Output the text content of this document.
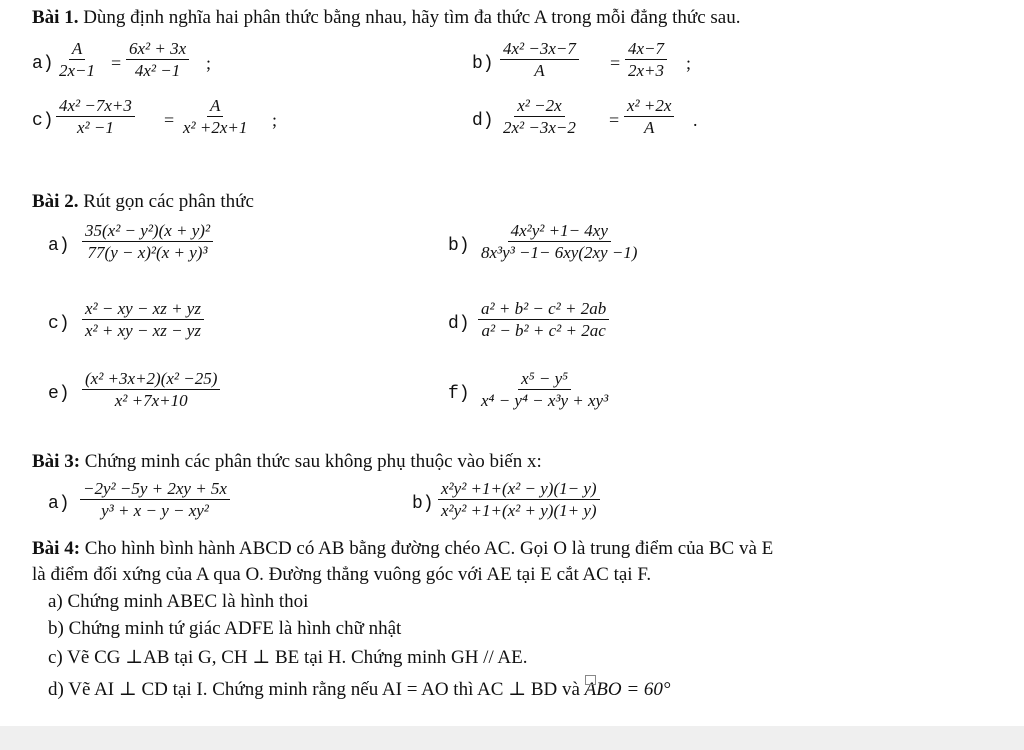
Bài 1. Dùng định nghĩa hai phân thức bằng nhau, hãy tìm đa thức A trong mỗi đẳng thức sau.
$a) \frac{A}{2x-1} = \frac{\text{6x² + 3x}}{\text{4x² −1}}$ ;	$b) \frac{\text{4x² −3x−7}}{A} = \frac{4x-7}{2x+3}$ ;
$c) \frac{\text{4x² −7x+3}}{\text{x² −1}} = \frac{A}{\text{x² +2x+1}}$ ;	$d) \frac{\text{x² −2x}}{\text{2x² −3x−2}} = \frac{\text{x² +2x}}{A}$ .
Bài 2. Rút gọn các phân thức
$a) \frac{\text{35(x² − y²)(x + y)²}}{\text{77(y − x)²(x + y)³}}$	$b) \frac{\text{4x²y² +1− 4xy}}{\text{8x³y³ −1− 6xy(2xy −1)}}$
$c) \frac{\text{x² − xy − xz + yz}}{\text{x² + xy − xz − yz}}$	$d) \frac{\text{a² + b² − c² + 2ab}}{\text{a² − b² + c² + 2ac}}$
$e) \frac{\text{(x² +3x+2)(x² −25)}}{\text{x² +7x+10}}$	$f) \frac{\text{x⁵ − y⁵}}{\text{x⁴ − y⁴ − x³y + xy³}}$
Bài 3: Chứng minh các phân thức sau không phụ thuộc vào biến x:
$a) \frac{\text{−2y² −5y + 2xy + 5x}}{\text{y³ + x − y − xy²}}$	$b) \frac{\text{x²y² +1+(x² − y)(1− y)}}{\text{x²y² +1+(x² + y)(1+ y)}}$
Bài 4: Cho hình bình hành ABCD có AB bằng đường chéo AC. Gọi O là trung điểm của BC và E
là điểm đối xứng của A qua O. Đường thẳng vuông góc với AE tại E cắt AC tại F.
a) Chứng minh ABEC là hình thoi
b) Chứng minh tứ giác ADFE là hình chữ nhật
c) Vẽ CG ⊥AB tại G, CH ⊥ BE tại H. Chứng minh GH // AE.
d) Vẽ AI ⊥ CD tại I. Chứng minh rằng nếu AI = AO thì AC ⊥ BD và ABO = 60°
